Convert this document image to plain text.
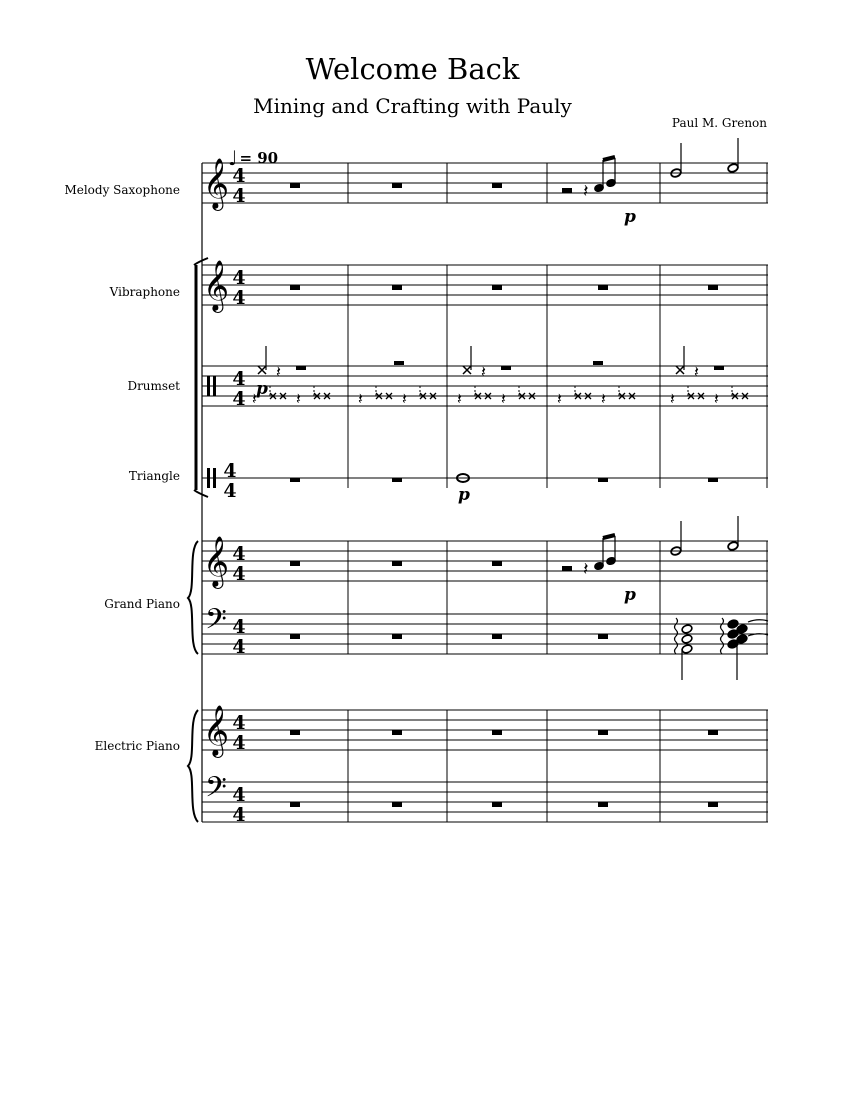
Welcome Back
Mining and Crafting with Pauly
Paul M. Grenon
♩ = 90
Melody Saxophone
Vibraphone
Drumset
Triangle
Grand Piano
Electric Piano
𝄞
𝄞
𝄞
𝄞
𝄢
𝄢
4
4
4
4
4
4
4
4
4
4
4
4
4
4
4
4
𝄽
p
𝄽
𝄽 𝄽	𝄽 𝄽
𝄽
𝄽 𝄽	𝄽 𝄽
𝄽
𝄽 𝄽
p
p
𝄽
p
